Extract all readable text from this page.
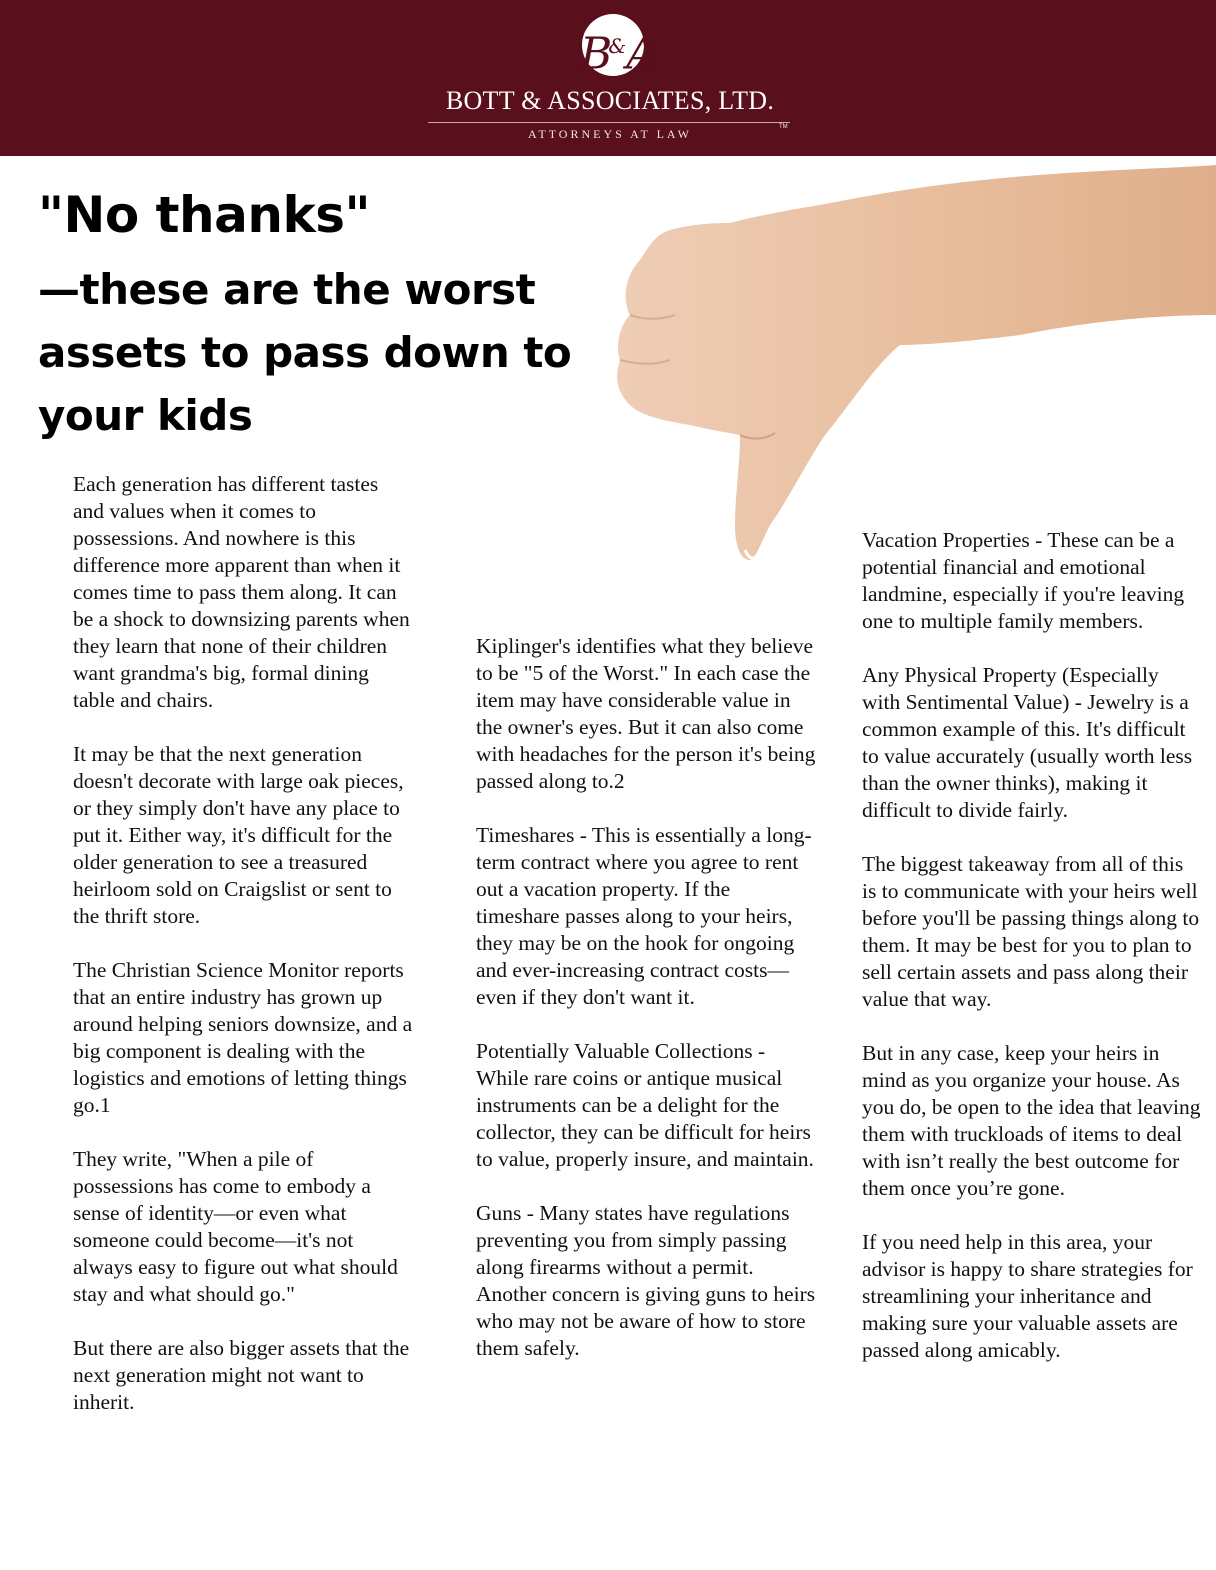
B&A
BOTT & ASSOCIATES, LTD.
ATTORNEYS AT LAW	TM
"No thanks"
—these are the worst assets to pass down to your kids

Each generation has different tastes and values when it comes to possessions. And nowhere is this difference more apparent than when it comes time to pass them along. It can be a shock to downsizing parents when they learn that none of their children want grandma's big, formal dining table and chairs.

It may be that the next generation doesn't decorate with large oak pieces, or they simply don't have any place to put it. Either way, it's difficult for the older generation to see a treasured heirloom sold on Craigslist or sent to the thrift store.

The Christian Science Monitor reports that an entire industry has grown up around helping seniors downsize, and a big component is dealing with the logistics and emotions of letting things go.1

They write, "When a pile of possessions has come to embody a sense of identity—or even what someone could become—it's not always easy to figure out what should stay and what should go."

But there are also bigger assets that the next generation might not want to inherit.

Kiplinger's identifies what they believe to be "5 of the Worst." In each case the item may have considerable value in the owner's eyes. But it can also come with headaches for the person it's being passed along to.2

Timeshares - This is essentially a long-term contract where you agree to rent out a vacation property. If the timeshare passes along to your heirs, they may be on the hook for ongoing and ever-increasing contract costs—even if they don't want it.

Potentially Valuable Collections - While rare coins or antique musical instruments can be a delight for the collector, they can be difficult for heirs to value, properly insure, and maintain.

Guns - Many states have regulations preventing you from simply passing along firearms without a permit. Another concern is giving guns to heirs who may not be aware of how to store them safely.

Vacation Properties - These can be a potential financial and emotional landmine, especially if you're leaving one to multiple family members.

Any Physical Property (Especially with Sentimental Value) - Jewelry is a common example of this. It's difficult to value accurately (usually worth less than the owner thinks), making it difficult to divide fairly.

The biggest takeaway from all of this is to communicate with your heirs well before you'll be passing things along to them. It may be best for you to plan to sell certain assets and pass along their value that way.

But in any case, keep your heirs in mind as you organize your house. As you do, be open to the idea that leaving them with truckloads of items to deal with isn’t really the best outcome for them once you’re gone.

If you need help in this area, your advisor is happy to share strategies for streamlining your inheritance and making sure your valuable assets are passed along amicably.
